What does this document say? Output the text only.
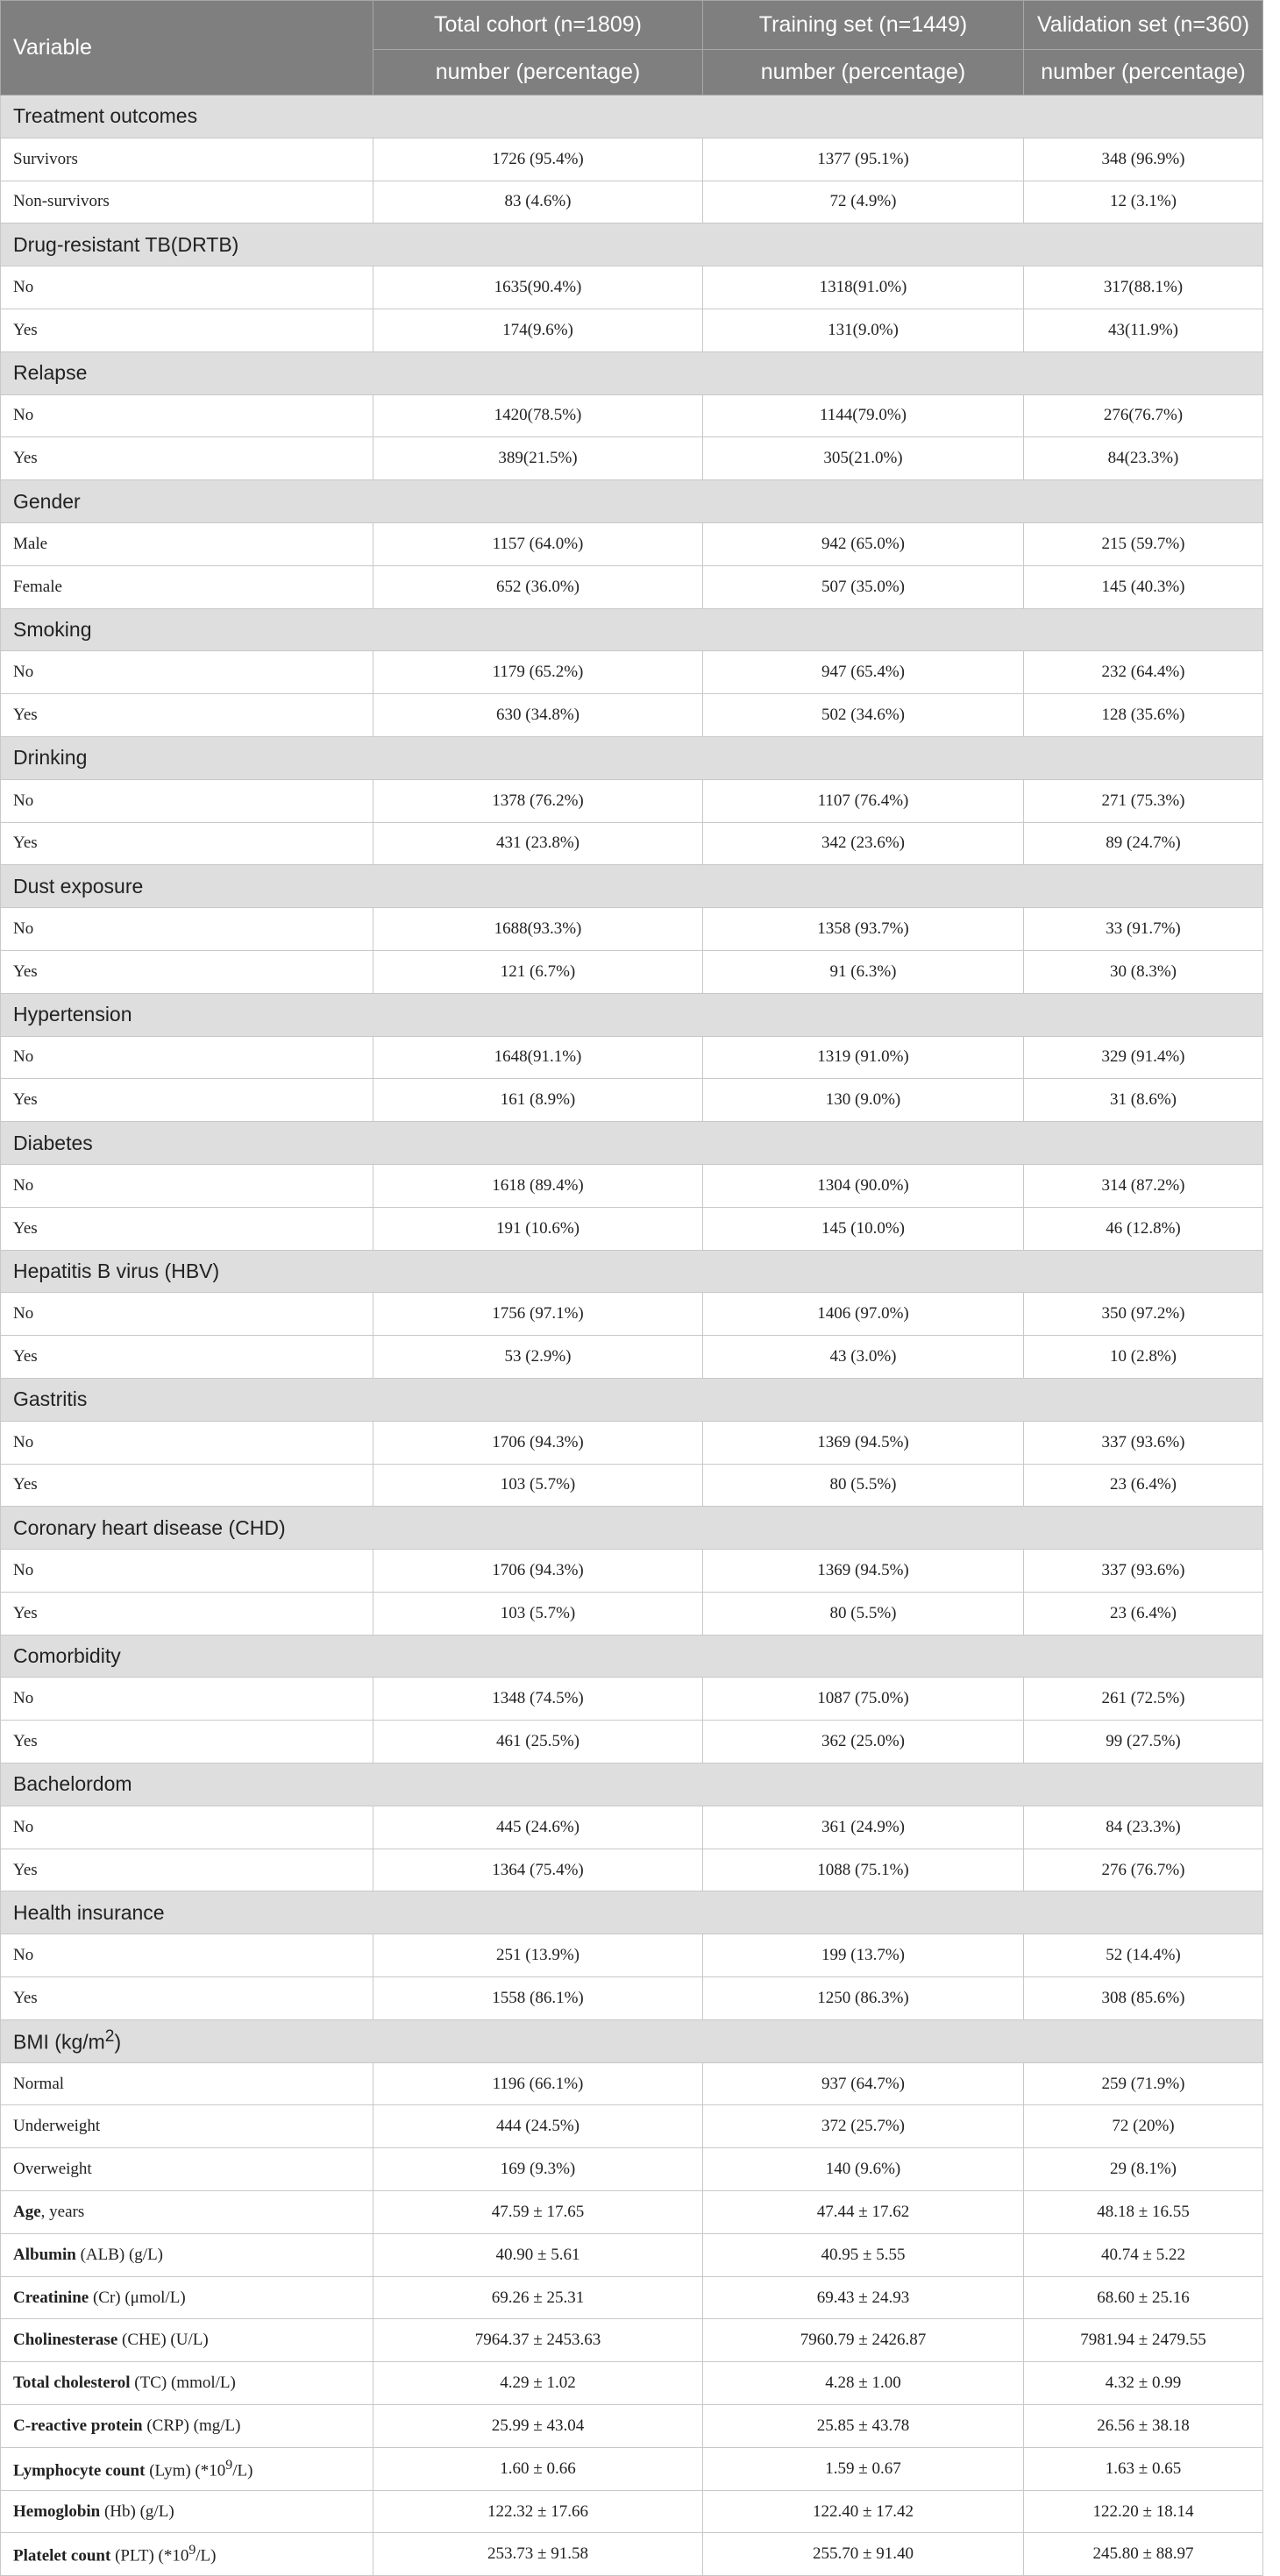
Variable	Total cohort (n=1809)	Training set (n=1449)	Validation set (n=360)
	number (percentage)	number (percentage)	number (percentage)
Treatment outcomes			
Survivors	1726 (95.4%)	1377 (95.1%)	348 (96.9%)
Non-survivors	83 (4.6%)	72 (4.9%)	12 (3.1%)
Drug-resistant TB(DRTB)			
No	1635(90.4%)	1318(91.0%)	317(88.1%)
Yes	174(9.6%)	131(9.0%)	43(11.9%)
Relapse			
No	1420(78.5%)	1144(79.0%)	276(76.7%)
Yes	389(21.5%)	305(21.0%)	84(23.3%)
Gender			
Male	1157 (64.0%)	942 (65.0%)	215 (59.7%)
Female	652 (36.0%)	507 (35.0%)	145 (40.3%)
Smoking			
No	1179 (65.2%)	947 (65.4%)	232 (64.4%)
Yes	630 (34.8%)	502 (34.6%)	128 (35.6%)
Drinking			
No	1378 (76.2%)	1107 (76.4%)	271 (75.3%)
Yes	431 (23.8%)	342 (23.6%)	89 (24.7%)
Dust exposure			
No	1688(93.3%)	1358 (93.7%)	33 (91.7%)
Yes	121 (6.7%)	91 (6.3%)	30 (8.3%)
Hypertension			
No	1648(91.1%)	1319 (91.0%)	329 (91.4%)
Yes	161 (8.9%)	130 (9.0%)	31 (8.6%)
Diabetes			
No	1618 (89.4%)	1304 (90.0%)	314 (87.2%)
Yes	191 (10.6%)	145 (10.0%)	46 (12.8%)
Hepatitis B virus (HBV)			
No	1756 (97.1%)	1406 (97.0%)	350 (97.2%)
Yes	53 (2.9%)	43 (3.0%)	10 (2.8%)
Gastritis			
No	1706 (94.3%)	1369 (94.5%)	337 (93.6%)
Yes	103 (5.7%)	80 (5.5%)	23 (6.4%)
Coronary heart disease (CHD)			
No	1706 (94.3%)	1369 (94.5%)	337 (93.6%)
Yes	103 (5.7%)	80 (5.5%)	23 (6.4%)
Comorbidity			
No	1348 (74.5%)	1087 (75.0%)	261 (72.5%)
Yes	461 (25.5%)	362 (25.0%)	99 (27.5%)
Bachelordom			
No	445 (24.6%)	361 (24.9%)	84 (23.3%)
Yes	1364 (75.4%)	1088 (75.1%)	276 (76.7%)
Health insurance			
No	251 (13.9%)	199 (13.7%)	52 (14.4%)
Yes	1558 (86.1%)	1250 (86.3%)	308 (85.6%)
BMI $(kg/m^2)$			
Normal	1196 (66.1%)	937 (64.7%)	259 (71.9%)
Underweight	444 (24.5%)	372 (25.7%)	72 (20%)
Overweight	169 (9.3%)	140 (9.6%)	29 (8.1%)
Age, years	47.59 ± 17.65	47.44 ± 17.62	48.18 ± 16.55
Albumin (ALB) (g/L)	40.90 ± 5.61	40.95 ± 5.55	40.74 ± 5.22
Creatinine (Cr) (μmol/L)	69.26 ± 25.31	69.43 ± 24.93	68.60 ± 25.16
Cholinesterase (CHE) (U/L)	7964.37 ± 2453.63	7960.79 ± 2426.87	7981.94 ± 2479.55
Total cholesterol (TC) (mmol/L)	4.29 ± 1.02	4.28 ± 1.00	4.32 ± 0.99
C-reactive protein (CRP) (mg/L)	25.99 ± 43.04	25.85 ± 43.78	26.56 ± 38.18
Lymphocyte count (Lym) $(*10^9/L)$	1.60 ± 0.66	1.59 ± 0.67	1.63 ± 0.65
Hemoglobin (Hb) (g/L)	122.32 ± 17.66	122.40 ± 17.42	122.20 ± 18.14
Platelet count (PLT) $(*10^9/L)$	253.73 ± 91.58	255.70 ± 91.40	245.80 ± 88.97
